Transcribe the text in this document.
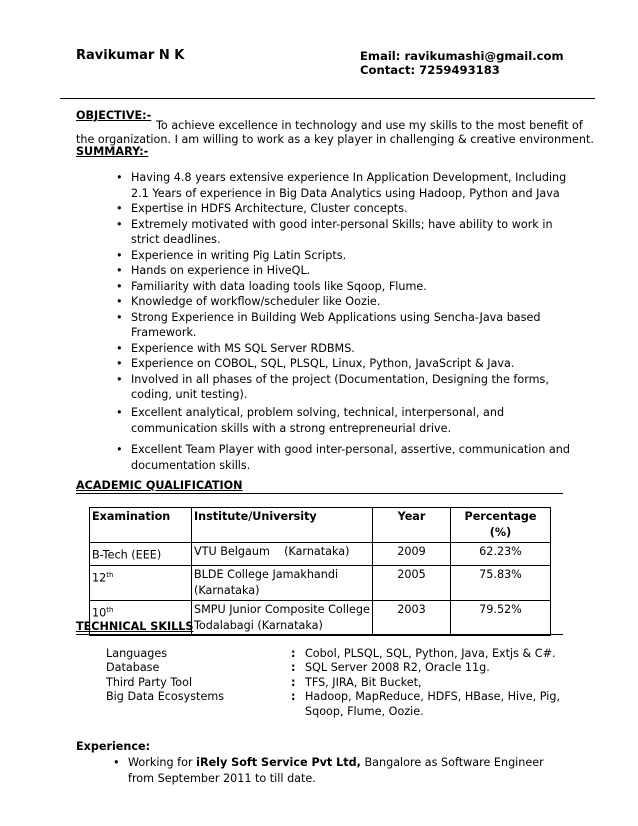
Ravikumar N K	Email: ravikumashi@gmail.com
Contact: 7259493183
OBJECTIVE:-
To achieve excellence in technology and use my skills to the most benefit of the organization. I am willing to work as a key player in challenging & creative environment.
SUMMARY:-
• Having 4.8 years extensive experience In Application Development, Including 2.1 Years of experience in Big Data Analytics using Hadoop, Python and Java
• Expertise in HDFS Architecture, Cluster concepts.
• Extremely motivated with good inter-personal Skills; have ability to work in strict deadlines.
• Experience in writing Pig Latin Scripts.
• Hands on experience in HiveQL.
• Familiarity with data loading tools like Sqoop, Flume.
• Knowledge of workflow/scheduler like Oozie.
• Strong Experience in Building Web Applications using Sencha-Java based Framework.
• Experience with MS SQL Server RDBMS.
• Experience on COBOL, SQL, PLSQL, Linux, Python, JavaScript & Java.
• Involved in all phases of the project (Documentation, Designing the forms, coding, unit testing).
• Excellent analytical, problem solving, technical, interpersonal, and communication skills with a strong entrepreneurial drive.
• Excellent Team Player with good inter-personal, assertive, communication and documentation skills.
ACADEMIC QUALIFICATION
Examination	Institute/University	Year	Percentage (%)
B-Tech (EEE)	VTU Belgaum    (Karnataka)	2009	62.23%
12th	BLDE College Jamakhandi (Karnataka)	2005	75.83%
10th	SMPU Junior Composite College Todalabagi (Karnataka)	2003	79.52%
TECHNICAL SKILLS
Languages	: Cobol, PLSQL, SQL, Python, Java, Extjs & C#.
Database	: SQL Server 2008 R2, Oracle 11g.
Third Party Tool	: TFS, JIRA, Bit Bucket,
Big Data Ecosystems	: Hadoop, MapReduce, HDFS, HBase, Hive, Pig, Sqoop, Flume, Oozie.
Experience:
• Working for iRely Soft Service Pvt Ltd, Bangalore as Software Engineer from September 2011 to till date.
